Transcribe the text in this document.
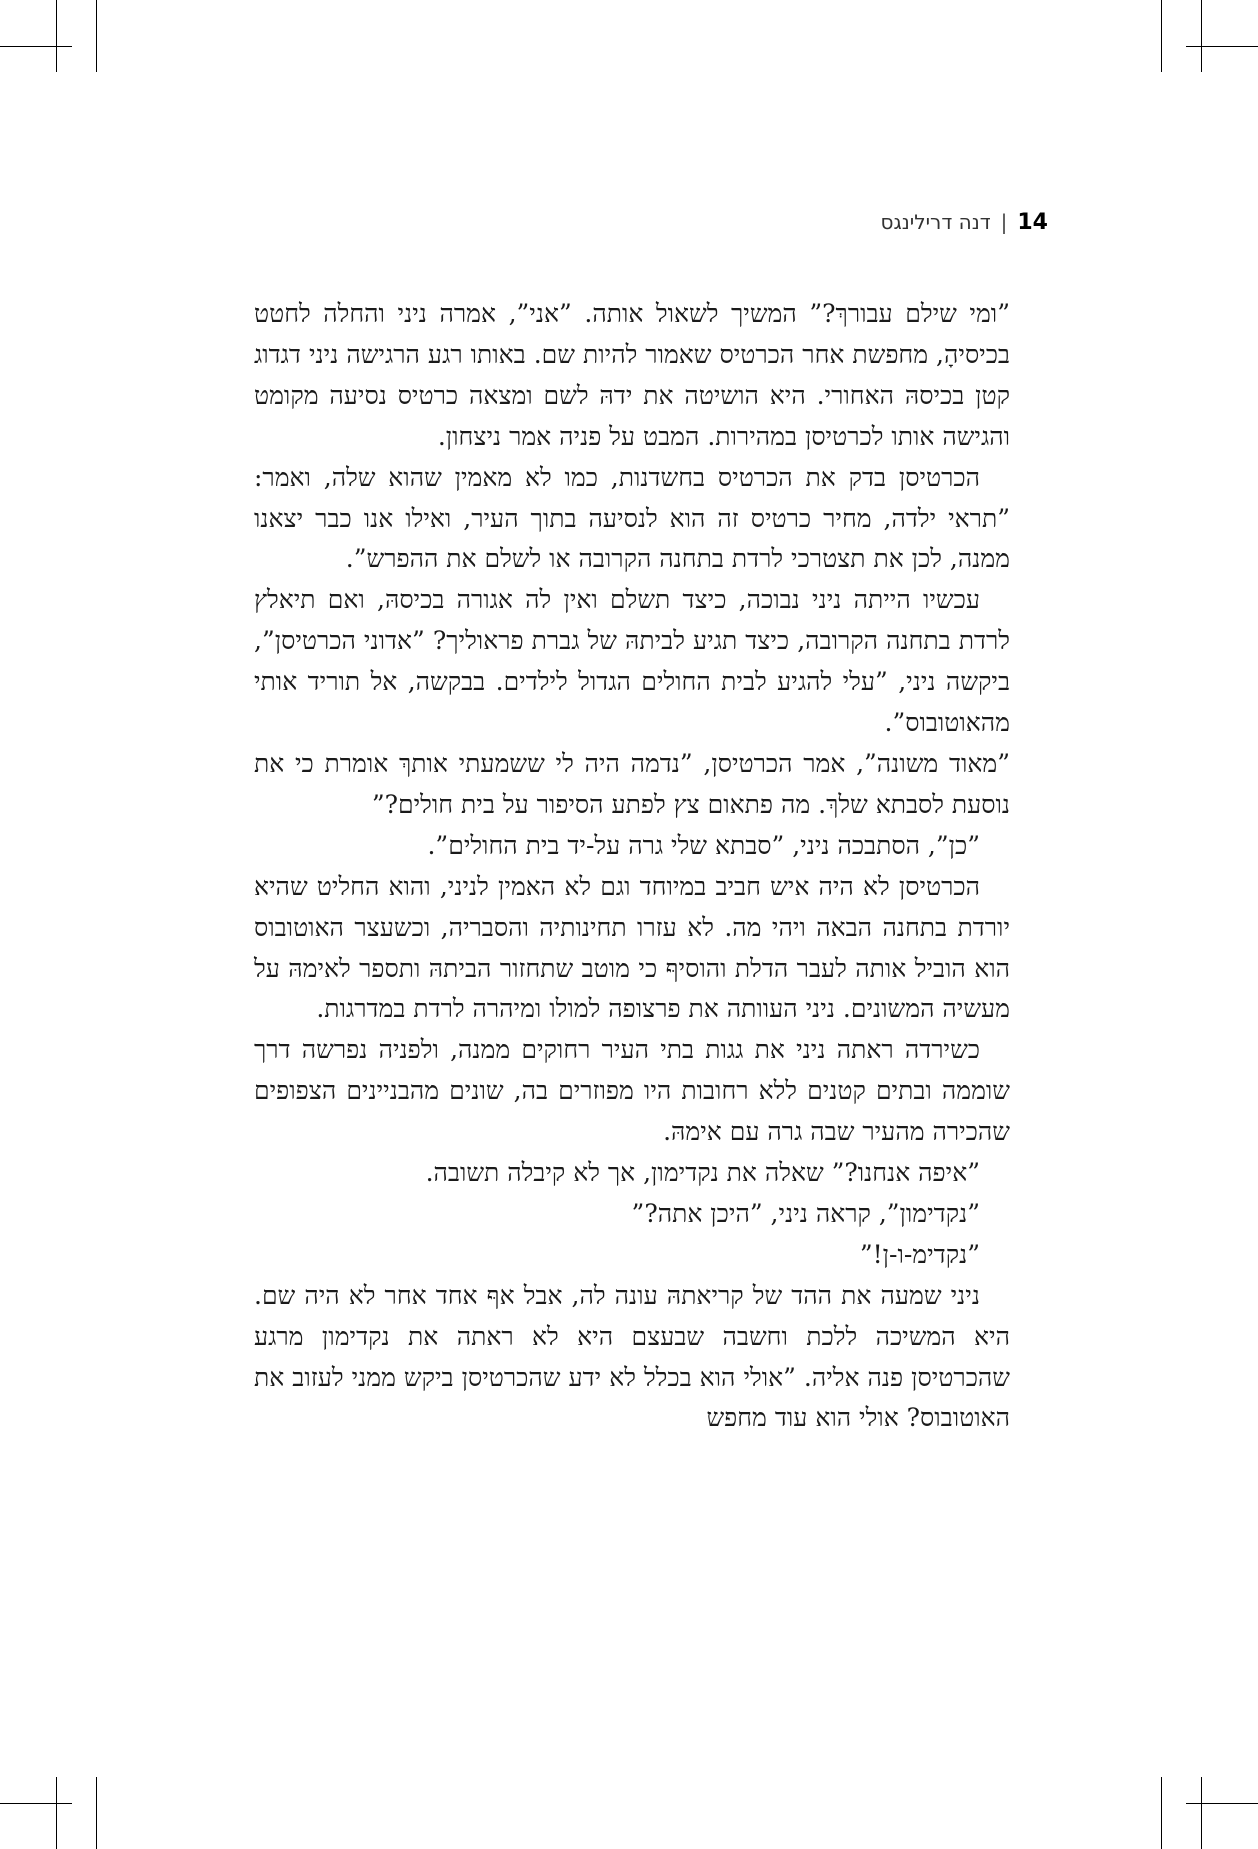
14|דנה דרילינגס

”ומי שילם עבורךְ?” המשיך לשאול אותה. ”אני”, אמרה ניני והחלה לחטט בכיסיהָ, מחפשת אחר הכרטיס שאמור להיות שם. באותו רגע הרגישה ניני דגדוג קטן בכיסהּ האחורי. היא הושיטה את ידהּ לשם ומצאה כרטיס נסיעה מקומט והגישה אותו לכרטיסן במהירות. המבט על פניה אמר ניצחון.

הכרטיסן בדק את הכרטיס בחשדנות, כמו לא מאמין שהוא שלה, ואמר: ”תראי ילדה, מחיר כרטיס זה הוא לנסיעה בתוך העיר, ואילו אנו כבר יצאנו ממנה, לכן את תצטרכי לרדת בתחנה הקרובה או לשלם את ההפרש”.

עכשיו הייתה ניני נבוכה, כיצד תשלם ואין לה אגורה בכיסהּ, ואם תיאלץ לרדת בתחנה הקרובה, כיצד תגיע לביתהּ של גברת פראוליך? ”אדוני הכרטיסן”, ביקשה ניני, ”עלי להגיע לבית החולים הגדול לילדים. בבקשה, אל תוריד אותי מהאוטובוס”.

”מאוד משונה”, אמר הכרטיסן, ”נדמה היה לי ששמעתי אותךְ אומרת כי את נוסעת לסבתא שלךְ. מה פתאום צץ לפתע הסיפור על בית חולים?”

”כן”, הסתבכה ניני, ”סבתא שלי גרה על-יד בית החולים”.

הכרטיסן לא היה איש חביב במיוחד וגם לא האמין לניני, והוא החליט שהיא יורדת בתחנה הבאה ויהי מה. לא עזרו תחינותיה והסבריה, וכשעצר האוטובוס הוא הוביל אותה לעבר הדלת והוסיףּ כי מוטב שתחזור הביתהּ ותספר לאימהּ על מעשיה המשונים. ניני העוותה את פרצופה למולו ומיהרה לרדת במדרגות.

כשירדה ראתה ניני את גגות בתי העיר רחוקים ממנה, ולפניה נפרשה דרך שוממה ובתים קטנים ללא רחובות היו מפוזרים בה, שונים מהבניינים הצפופים שהכירה מהעיר שבה גרה עם אימהּ.

”איפה אנחנו?” שאלה את נקדימון, אך לא קיבלה תשובה.

”נקדימון”, קראה ניני, ”היכן אתה?”

”נקדימ-ו-ן!”

ניני שמעה את ההד של קריאתהּ עונה לה, אבל אףּ אחד אחר לא היה שם. היא המשיכה ללכת וחשבה שבעצם היא לא ראתה את נקדימון מרגע שהכרטיסן פנה אליה. ”אולי הוא בכלל לא ידע שהכרטיסן ביקש ממני לעזוב את האוטובוס? אולי הוא עוד מחפש
